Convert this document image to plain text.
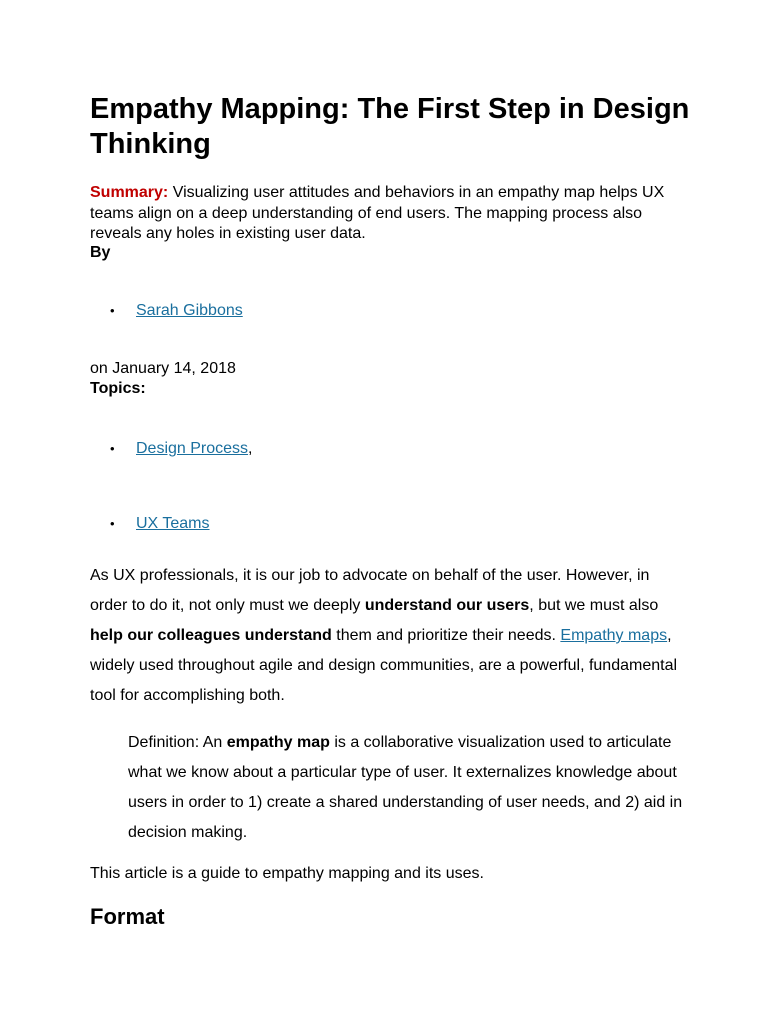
Empathy Mapping: The First Step in Design Thinking

Summary: Visualizing user attitudes and behaviors in an empathy map helps UX teams align on a deep understanding of end users. The mapping process also reveals any holes in existing user data.

By

• Sarah Gibbons

on January 14, 2018

Topics:

• Design Process,

• UX Teams

As UX professionals, it is our job to advocate on behalf of the user. However, in order to do it, not only must we deeply understand our users, but we must also help our colleagues understand them and prioritize their needs. Empathy maps, widely used throughout agile and design communities, are a powerful, fundamental tool for accomplishing both.

Definition: An empathy map is a collaborative visualization used to articulate what we know about a particular type of user. It externalizes knowledge about users in order to 1) create a shared understanding of user needs, and 2) aid in decision making.

This article is a guide to empathy mapping and its uses.

Format
